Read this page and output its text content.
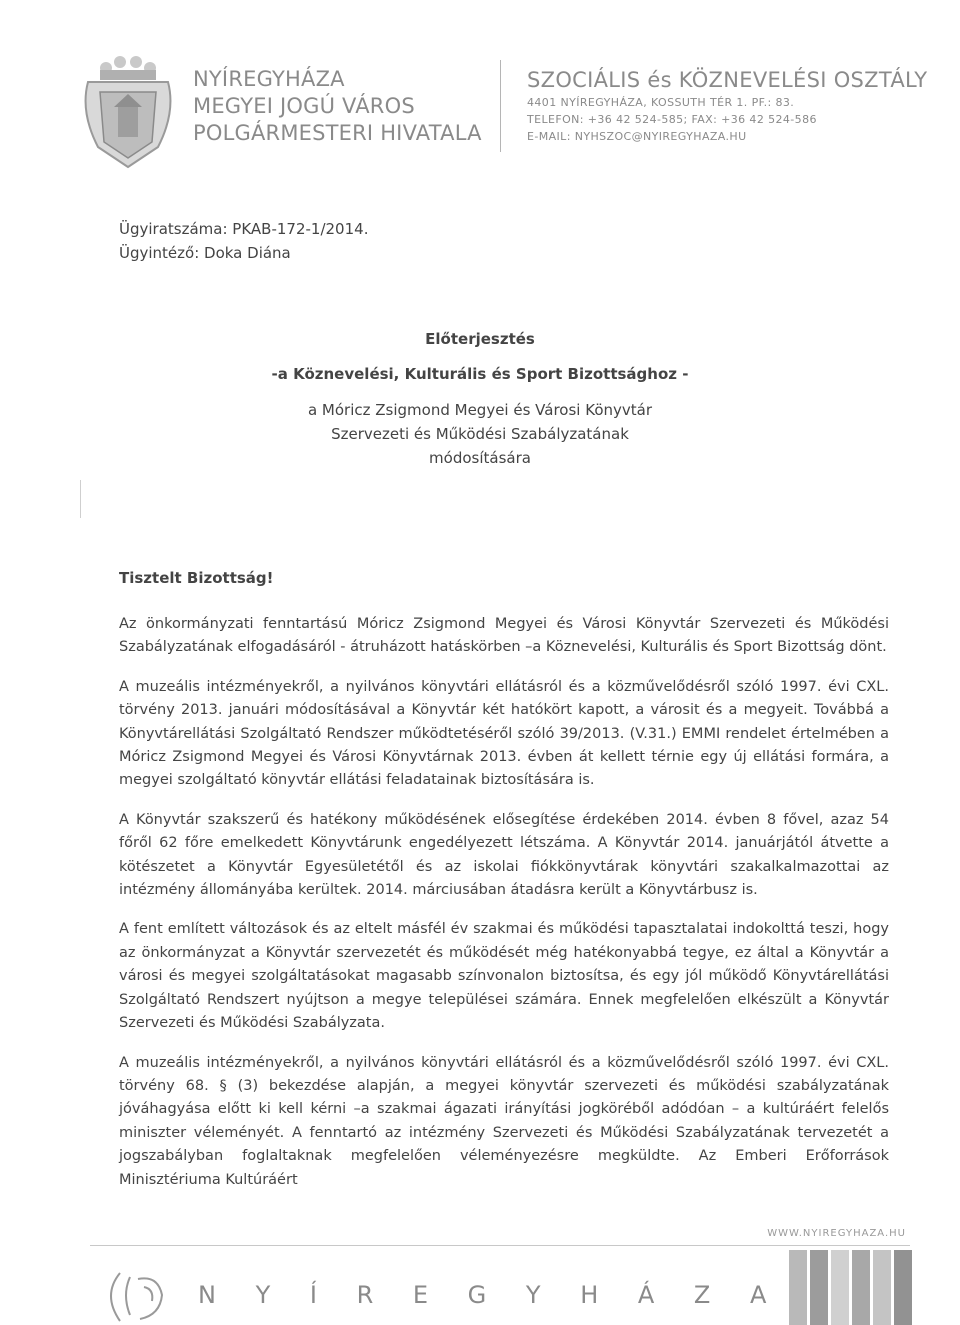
NYÍREGYHÁZA
MEGYEI JOGÚ VÁROS
POLGÁRMESTERI HIVATALA
SZOCIÁLIS és KÖZNEVELÉSI OSZTÁLY
4401 NYÍREGYHÁZA, KOSSUTH TÉR 1. PF.: 83.
TELEFON: +36 42 524-585; FAX: +36 42 524-586
E-MAIL: NYHSZOC@NYIREGYHAZA.HU
Ügyiratszáma: PKAB-172-1/2014.
Ügyintéző: Doka Diána
Előterjesztés
-a Köznevelési, Kulturális és Sport Bizottsághoz -
a Móricz Zsigmond Megyei és Városi Könyvtár
Szervezeti és Működési Szabályzatának
módosítására
Tisztelt Bizottság!

Az önkormányzati fenntartású Móricz Zsigmond Megyei és Városi Könyvtár Szervezeti és Működési Szabályzatának elfogadásáról - átruházott hatáskörben –a Köznevelési, Kulturális és Sport Bizottság dönt.

A muzeális intézményekről, a nyilvános könyvtári ellátásról és a közművelődésről szóló 1997. évi CXL. törvény 2013. januári módosításával a Könyvtár két hatókört kapott, a városit és a megyeit. Továbbá a Könyvtárellátási Szolgáltató Rendszer működtetéséről szóló 39/2013. (V.31.) EMMI rendelet értelmében a Móricz Zsigmond Megyei és Városi Könyvtárnak 2013. évben át kellett térnie egy új ellátási formára, a megyei szolgáltató könyvtár ellátási feladatainak biztosítására is.

A Könyvtár szakszerű és hatékony működésének elősegítése érdekében 2014. évben 8 fővel, azaz 54 főről 62 főre emelkedett Könyvtárunk engedélyezett létszáma. A Könyvtár 2014. januárjától átvette a kötészetet a Könyvtár Egyesületétől és az iskolai fiókkönyvtárak könyvtári szakalkalmazottai az intézmény állományába kerültek. 2014. márciusában átadásra került a Könyvtárbusz is.

A fent említett változások és az eltelt másfél év szakmai és működési tapasztalatai indokolttá teszi, hogy az önkormányzat a Könyvtár szervezetét és működését még hatékonyabbá tegye, ez által a Könyvtár a városi és megyei szolgáltatásokat magasabb színvonalon biztosítsa, és egy jól működő Könyvtárellátási Szolgáltató Rendszert nyújtson a megye települései számára. Ennek megfelelően elkészült a Könyvtár Szervezeti és Működési Szabályzata.

A muzeális intézményekről, a nyilvános könyvtári ellátásról és a közművelődésről szóló 1997. évi CXL. törvény 68. § (3) bekezdése alapján, a megyei könyvtár szervezeti és működési szabályzatának jóváhagyása előtt ki kell kérni –a szakmai ágazati irányítási jogköréből adódóan – a kultúráért felelős miniszter véleményét. A fenntartó az intézmény Szervezeti és Működési Szabályzatának tervezetét a jogszabályban foglaltaknak megfelelően véleményezésre megküldte. Az Emberi Erőforrások Minisztériuma Kultúráért

WWW.NYIREGYHAZA.HU
N Y Í R E G Y H Á Z A
